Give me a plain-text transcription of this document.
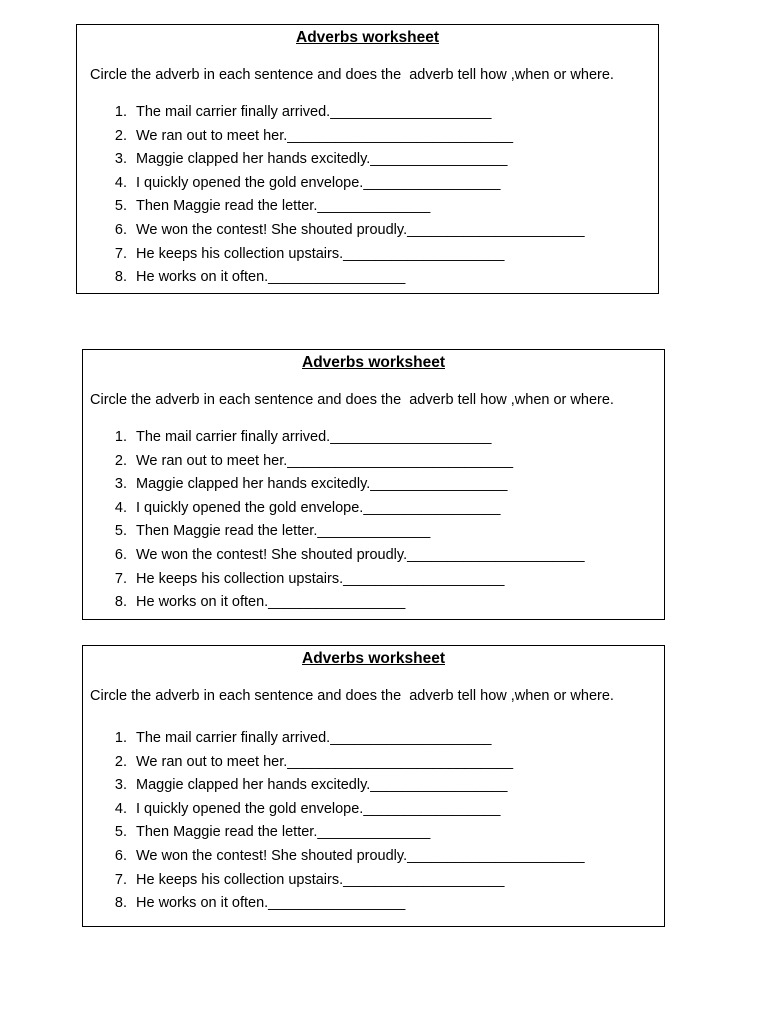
Adverbs worksheet
Circle the adverb in each sentence and does the  adverb tell how ,when or where.
1. The mail carrier finally arrived.____________________
2. We ran out to meet her.____________________________
3. Maggie clapped her hands excitedly._________________
4. I quickly opened the gold envelope._________________
5. Then Maggie read the letter.______________
6. We won the contest! She shouted proudly.______________________
7. He keeps his collection upstairs.____________________
8. He works on it often._________________
Adverbs worksheet
Circle the adverb in each sentence and does the  adverb tell how ,when or where.
1. The mail carrier finally arrived.____________________
2. We ran out to meet her.____________________________
3. Maggie clapped her hands excitedly._________________
4. I quickly opened the gold envelope._________________
5. Then Maggie read the letter.______________
6. We won the contest! She shouted proudly.______________________
7. He keeps his collection upstairs.____________________
8. He works on it often._________________
Adverbs worksheet
Circle the adverb in each sentence and does the  adverb tell how ,when or where.
1. The mail carrier finally arrived.____________________
2. We ran out to meet her.____________________________
3. Maggie clapped her hands excitedly._________________
4. I quickly opened the gold envelope._________________
5. Then Maggie read the letter.______________
6. We won the contest! She shouted proudly.______________________
7. He keeps his collection upstairs.____________________
8. He works on it often._________________
